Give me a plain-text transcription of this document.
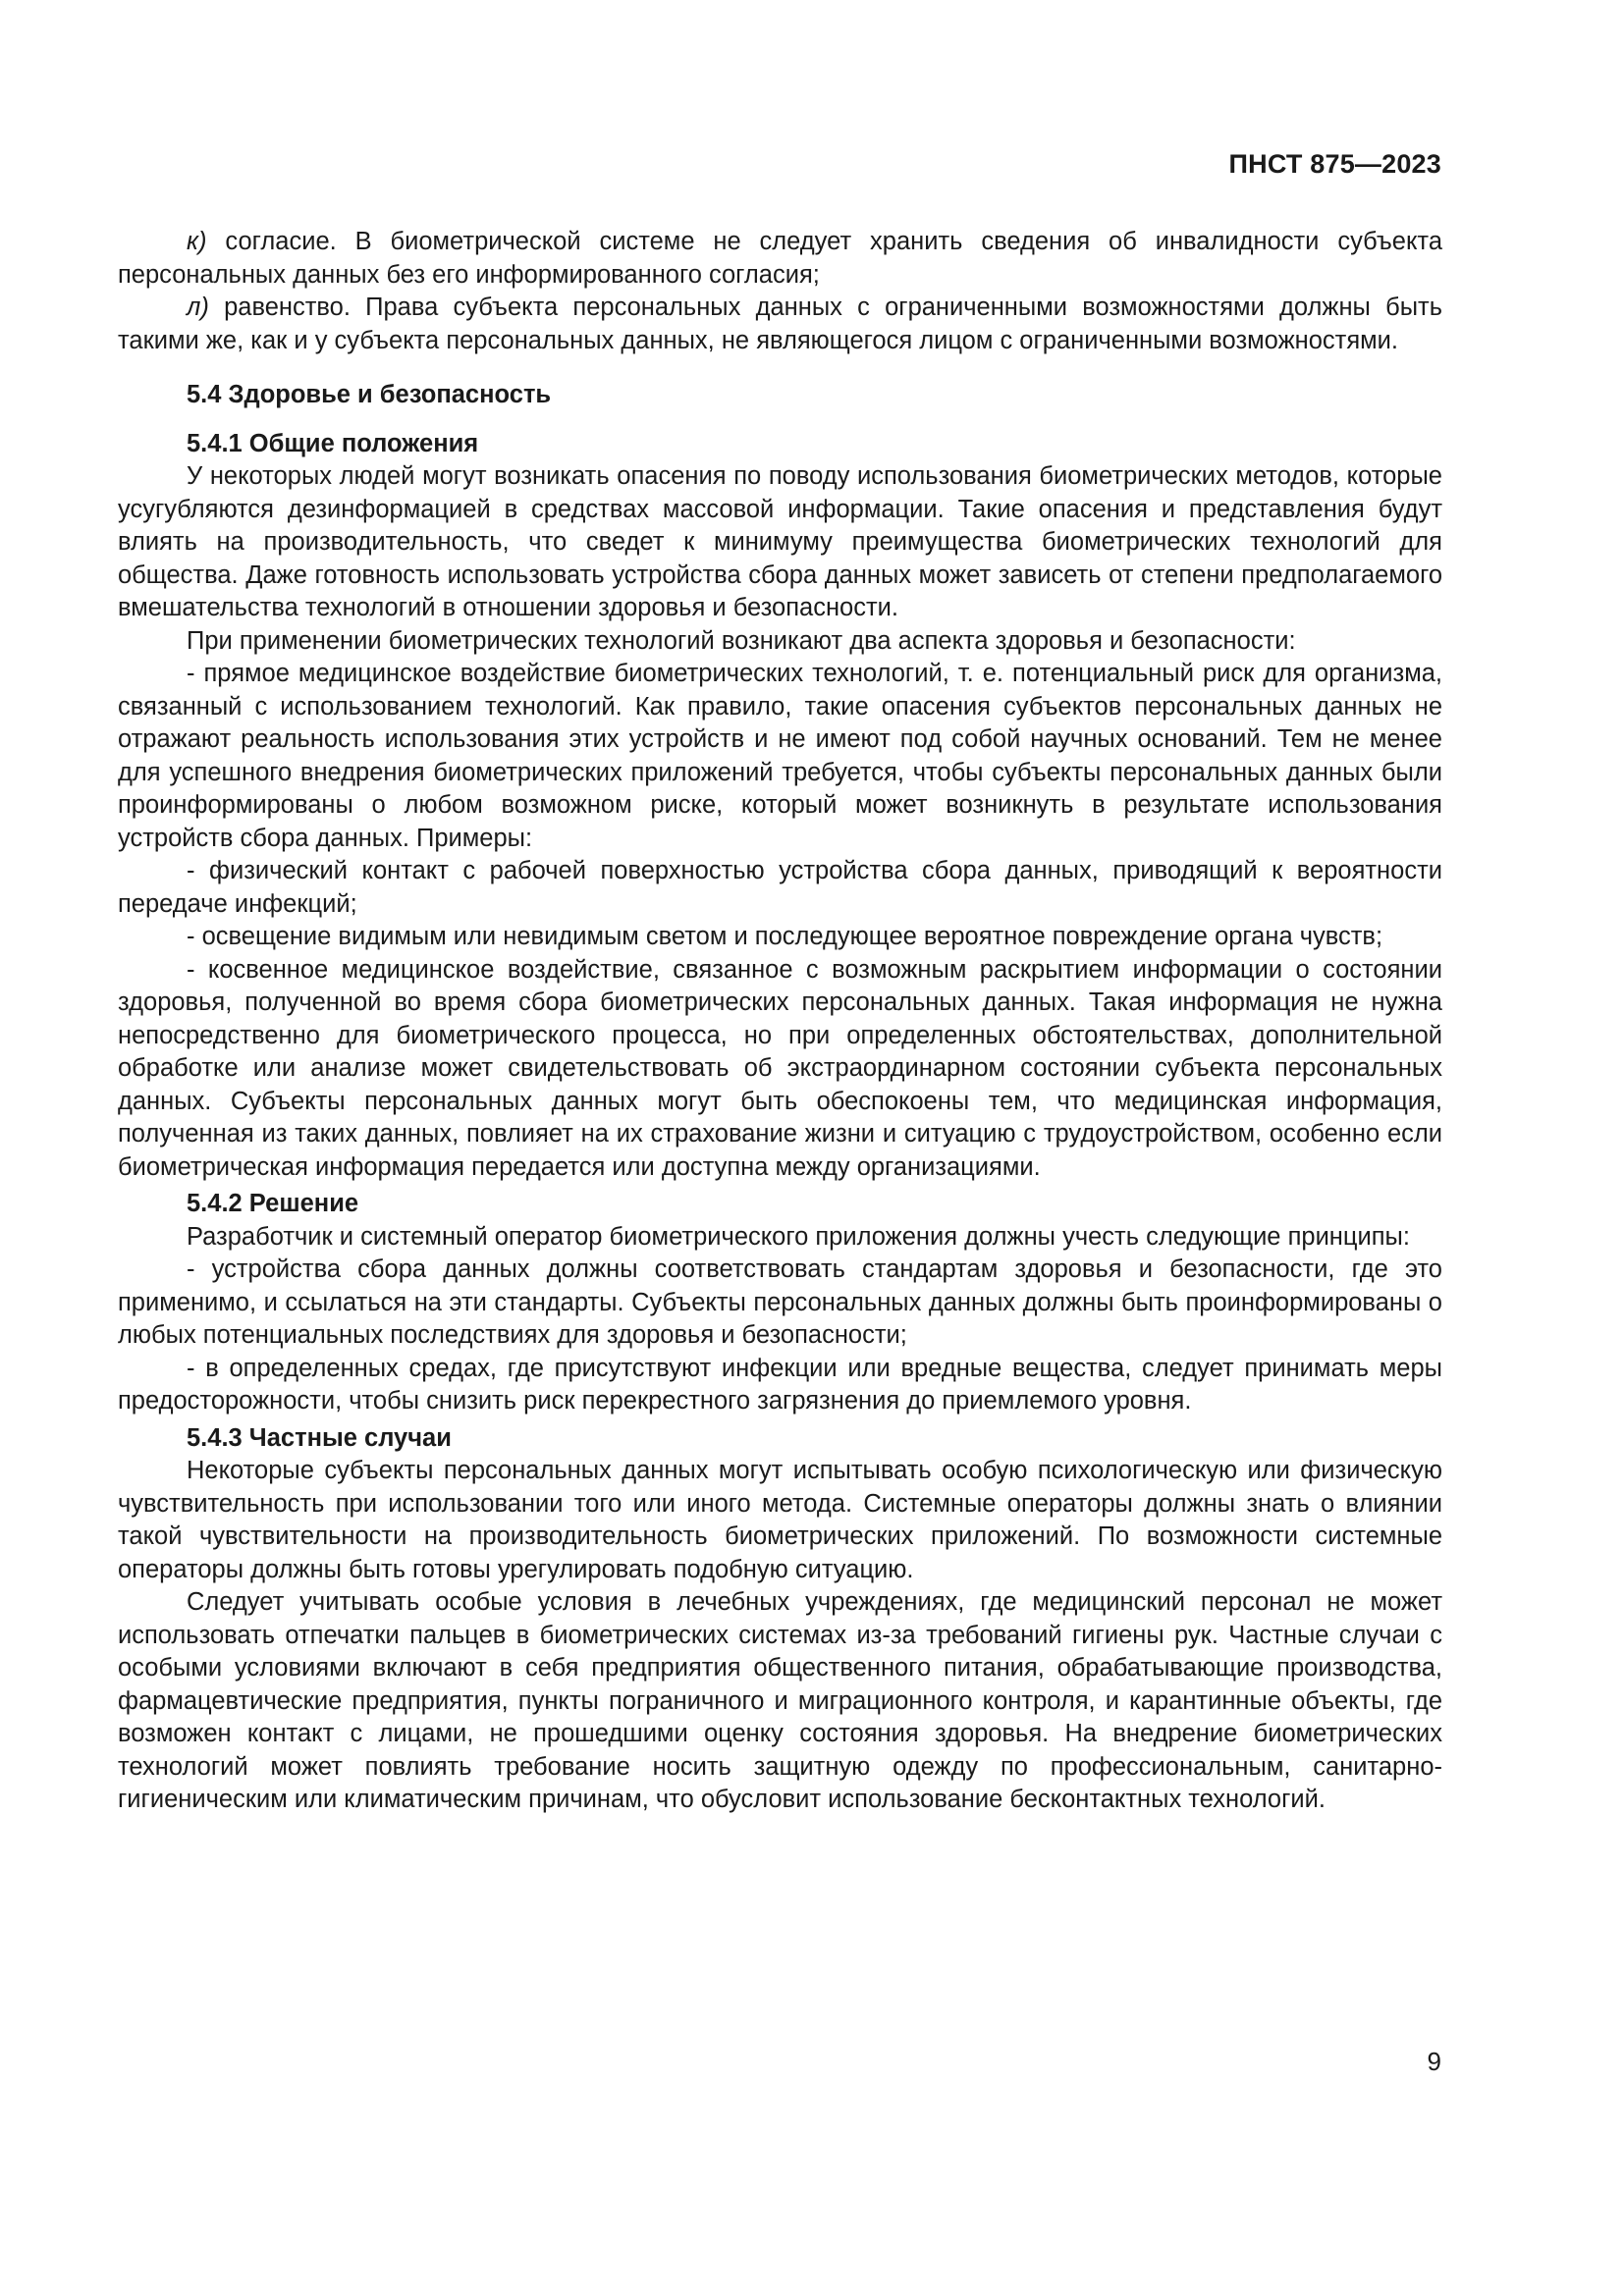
ПНСТ 875—2023

к) согласие. В биометрической системе не следует хранить сведения об инвалидности субъекта персональных данных без его информированного согласия;

л) равенство. Права субъекта персональных данных с ограниченными возможностями должны быть такими же, как и у субъекта персональных данных, не являющегося лицом с ограниченными возможностями.

5.4 Здоровье и безопасность
5.4.1 Общие положения

У некоторых людей могут возникать опасения по поводу использования биометрических методов, которые усугубляются дезинформацией в средствах массовой информации. Такие опасения и представления будут влиять на производительность, что сведет к минимуму преимущества биометрических технологий для общества. Даже готовность использовать устройства сбора данных может зависеть от степени предполагаемого вмешательства технологий в отношении здоровья и безопасности.

При применении биометрических технологий возникают два аспекта здоровья и безопасности:

- прямое медицинское воздействие биометрических технологий, т. е. потенциальный риск для организма, связанный с использованием технологий. Как правило, такие опасения субъектов персональных данных не отражают реальность использования этих устройств и не имеют под собой научных оснований. Тем не менее для успешного внедрения биометрических приложений требуется, чтобы субъекты персональных данных были проинформированы о любом возможном риске, который может возникнуть в результате использования устройств сбора данных. Примеры:

- физический контакт с рабочей поверхностью устройства сбора данных, приводящий к вероятности передаче инфекций;

- освещение видимым или невидимым светом и последующее вероятное повреждение органа чувств;

- косвенное медицинское воздействие, связанное с возможным раскрытием информации о состоянии здоровья, полученной во время сбора биометрических персональных данных. Такая информация не нужна непосредственно для биометрического процесса, но при определенных обстоятельствах, дополнительной обработке или анализе может свидетельствовать об экстраординарном состоянии субъекта персональных данных. Субъекты персональных данных могут быть обеспокоены тем, что медицинская информация, полученная из таких данных, повлияет на их страхование жизни и ситуацию с трудоустройством, особенно если биометрическая информация передается или доступна между организациями.

5.4.2 Решение

Разработчик и системный оператор биометрического приложения должны учесть следующие принципы:

- устройства сбора данных должны соответствовать стандартам здоровья и безопасности, где это применимо, и ссылаться на эти стандарты. Субъекты персональных данных должны быть проинформированы о любых потенциальных последствиях для здоровья и безопасности;

- в определенных средах, где присутствуют инфекции или вредные вещества, следует принимать меры предосторожности, чтобы снизить риск перекрестного загрязнения до приемлемого уровня.

5.4.3 Частные случаи

Некоторые субъекты персональных данных могут испытывать особую психологическую или физическую чувствительность при использовании того или иного метода. Системные операторы должны знать о влиянии такой чувствительности на производительность биометрических приложений. По возможности системные операторы должны быть готовы урегулировать подобную ситуацию.

Следует учитывать особые условия в лечебных учреждениях, где медицинский персонал не может использовать отпечатки пальцев в биометрических системах из-за требований гигиены рук. Частные случаи с особыми условиями включают в себя предприятия общественного питания, обрабатывающие производства, фармацевтические предприятия, пункты пограничного и миграционного контроля, и карантинные объекты, где возможен контакт с лицами, не прошедшими оценку состояния здоровья. На внедрение биометрических технологий может повлиять требование носить защитную одежду по профессиональным, санитарно-гигиеническим или климатическим причинам, что обусловит использование бесконтактных технологий.

9
